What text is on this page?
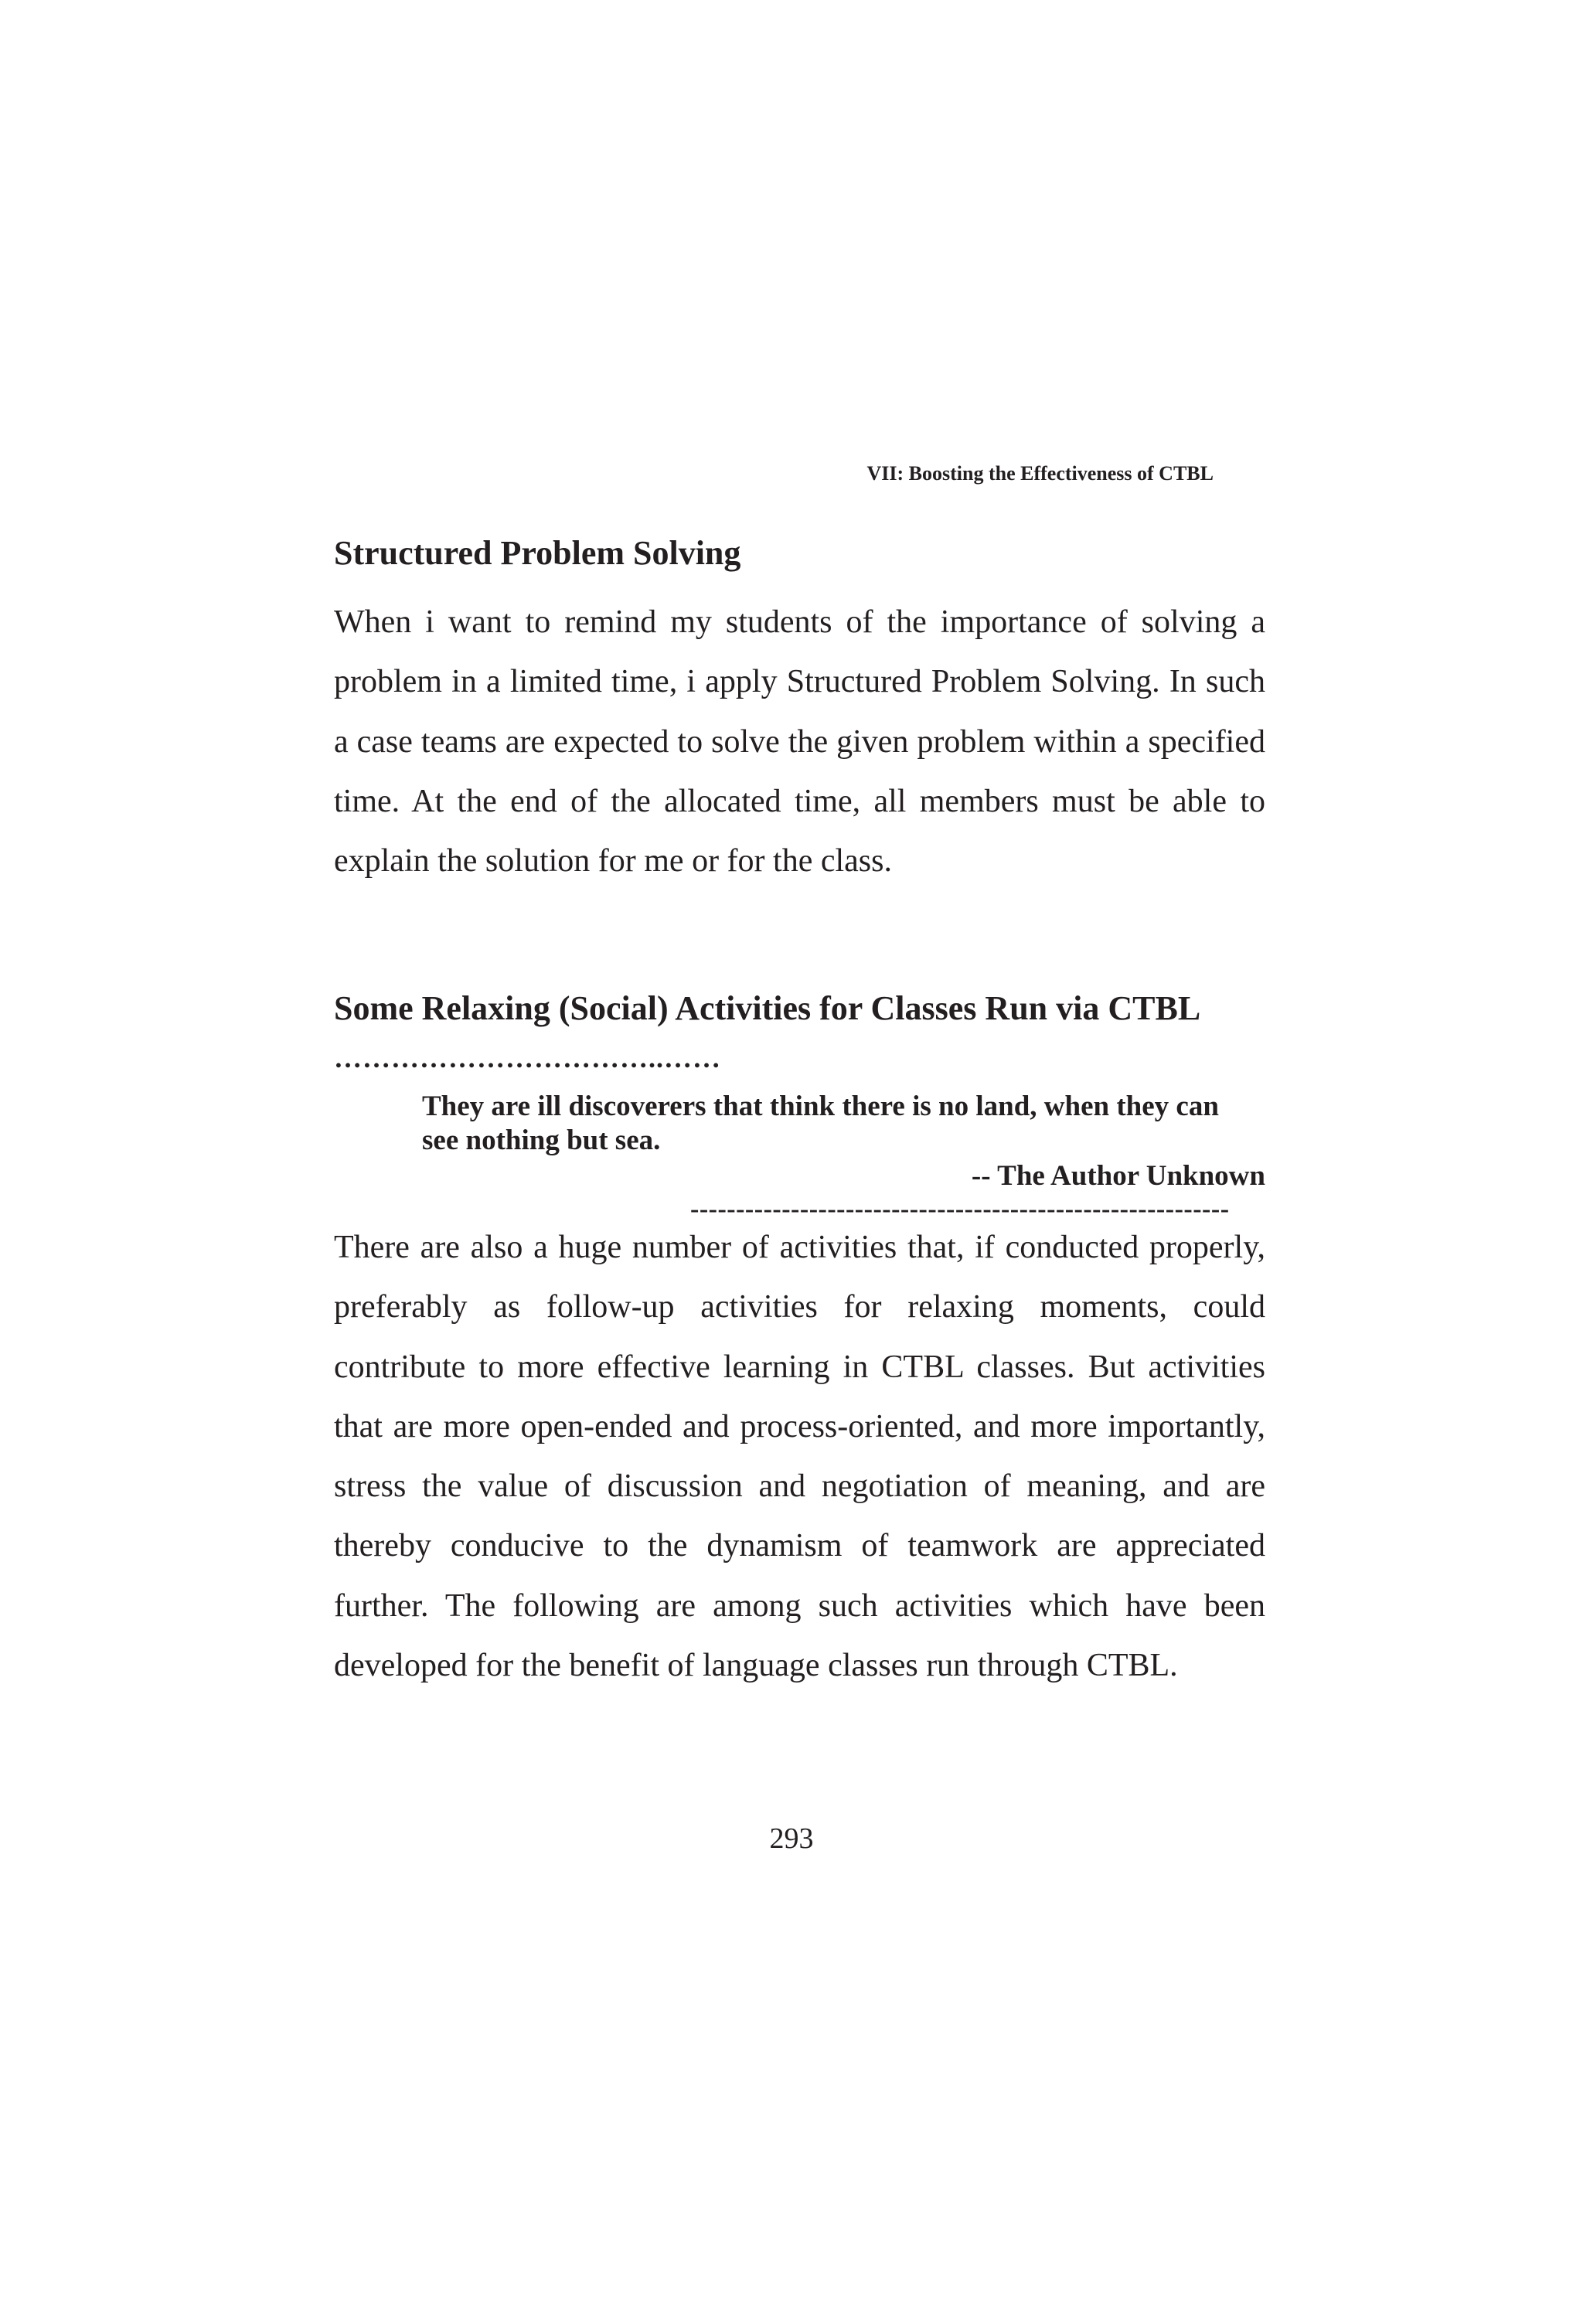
VII: Boosting the Effectiveness of CTBL
Structured Problem Solving
When i want to remind my students of the importance of solving a problem in a limited time, i apply Structured Problem Solving. In such a case teams are expected to solve the given problem within a specified time. At the end of the allocated time, all members must be able to explain the solution for me or for the class.
Some Relaxing (Social) Activities for Classes Run via CTBL
……………………………..……
They are ill discoverers that think there is no land, when they can see nothing but sea.
-- The Author Unknown
-----------------------------------------------------------
There are also a huge number of activities that, if conducted properly, preferably as follow-up activities for relaxing moments, could contribute to more effective learning in CTBL classes. But activities that are more open-ended and process-oriented, and more importantly, stress the value of discussion and negotiation of meaning, and are thereby conducive to the dynamism of teamwork are appreciated further. The following are among such activities which have been developed for the benefit of language classes run through CTBL.
293
